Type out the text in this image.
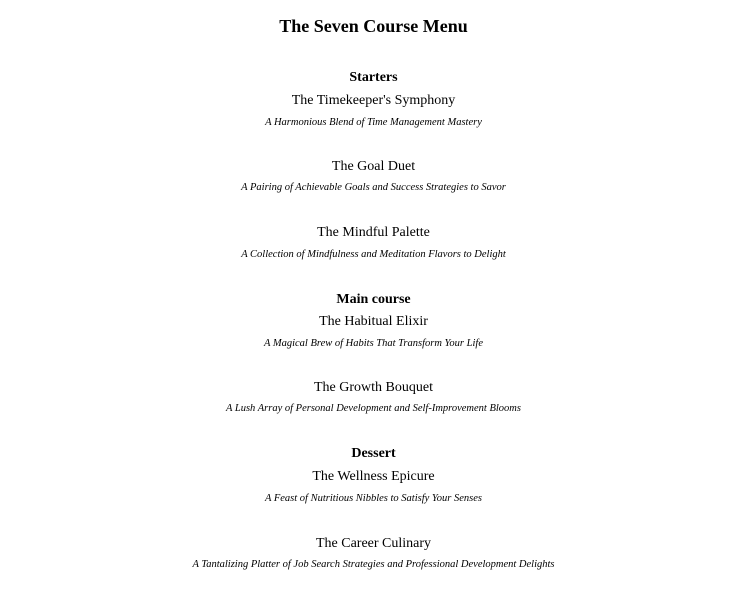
The Seven Course Menu
Starters
The Timekeeper's Symphony
A Harmonious Blend of Time Management Mastery
The Goal Duet
A Pairing of Achievable Goals and Success Strategies to Savor
The Mindful Palette
A Collection of Mindfulness and Meditation Flavors to Delight
Main course
The Habitual Elixir
A Magical Brew of Habits That Transform Your Life
The Growth Bouquet
A Lush Array of Personal Development and Self-Improvement Blooms
Dessert
The Wellness Epicure
A Feast of Nutritious Nibbles to Satisfy Your Senses
The Career Culinary
A Tantalizing Platter of Job Search Strategies and Professional Development Delights
